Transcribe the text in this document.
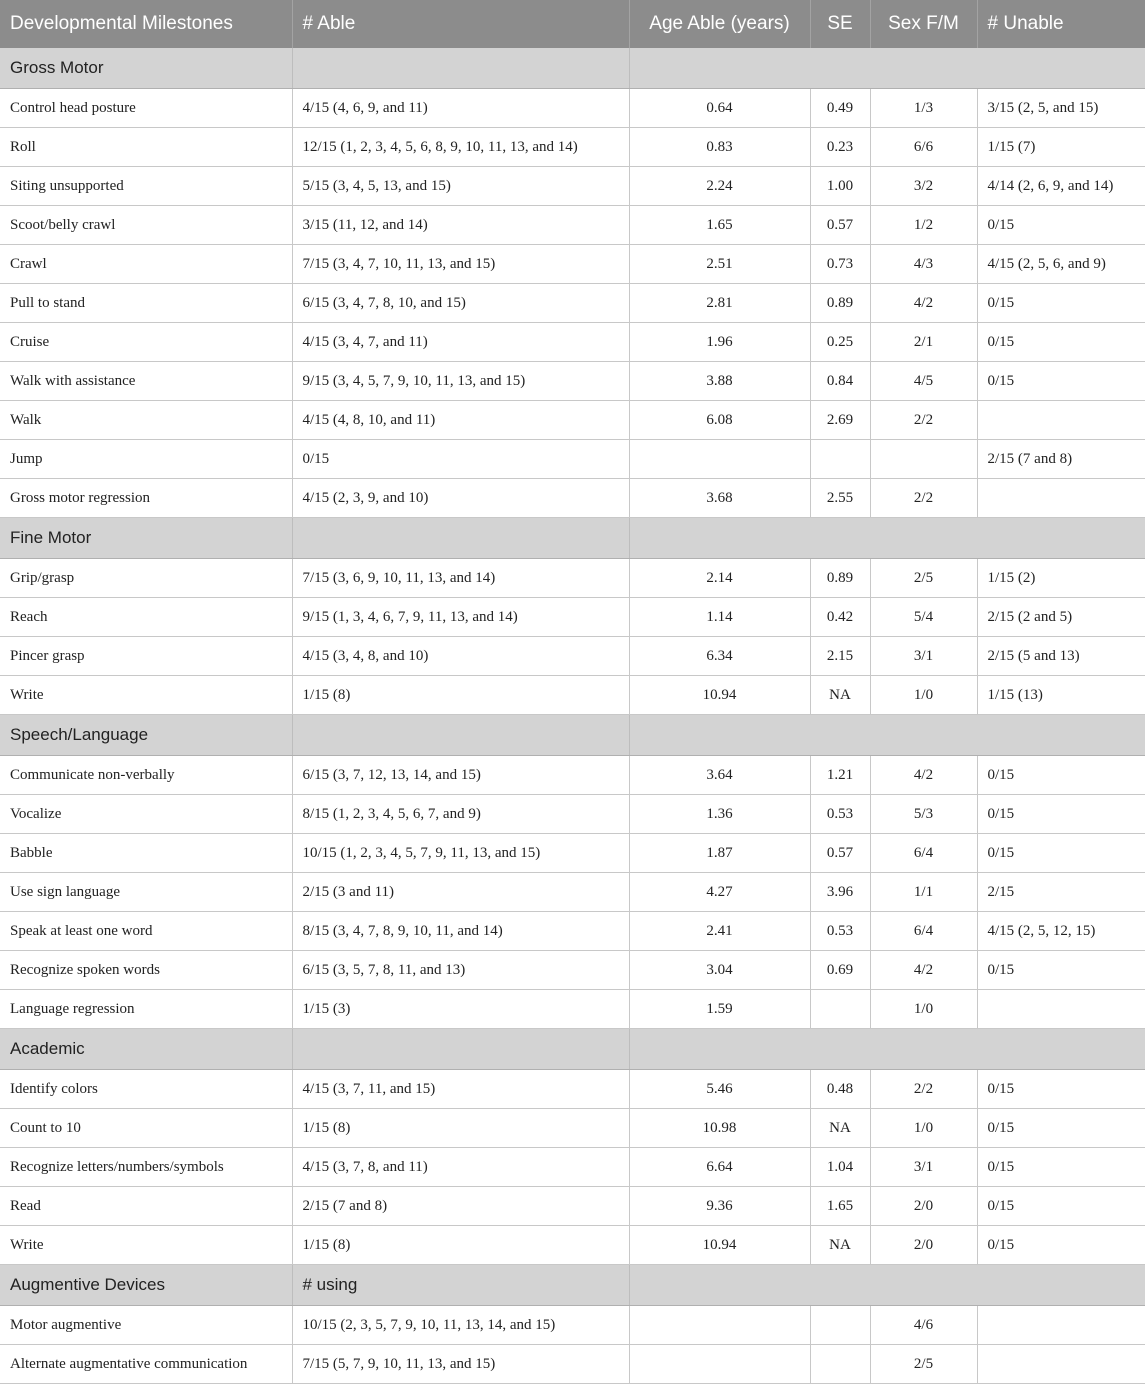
Developmental Milestones	# Able	Age Able (years)	SE	Sex F/M	# Unable
Gross Motor					
Control head posture	4/15 (4, 6, 9, and 11)	0.64	0.49	1/3	3/15 (2, 5, and 15)
Roll	12/15 (1, 2, 3, 4, 5, 6, 8, 9, 10, 11, 13, and 14)	0.83	0.23	6/6	1/15 (7)
Siting unsupported	5/15 (3, 4, 5, 13, and 15)	2.24	1.00	3/2	4/14 (2, 6, 9, and 14)
Scoot/belly crawl	3/15 (11, 12, and 14)	1.65	0.57	1/2	0/15
Crawl	7/15 (3, 4, 7, 10, 11, 13, and 15)	2.51	0.73	4/3	4/15 (2, 5, 6, and 9)
Pull to stand	6/15 (3, 4, 7, 8, 10, and 15)	2.81	0.89	4/2	0/15
Cruise	4/15 (3, 4, 7, and 11)	1.96	0.25	2/1	0/15
Walk with assistance	9/15 (3, 4, 5, 7, 9, 10, 11, 13, and 15)	3.88	0.84	4/5	0/15
Walk	4/15 (4, 8, 10, and 11)	6.08	2.69	2/2	
Jump	0/15				2/15 (7 and 8)
Gross motor regression	4/15 (2, 3, 9, and 10)	3.68	2.55	2/2	
Fine Motor					
Grip/grasp	7/15 (3, 6, 9, 10, 11, 13, and 14)	2.14	0.89	2/5	1/15 (2)
Reach	9/15 (1, 3, 4, 6, 7, 9, 11, 13, and 14)	1.14	0.42	5/4	2/15 (2 and 5)
Pincer grasp	4/15 (3, 4, 8, and 10)	6.34	2.15	3/1	2/15 (5 and 13)
Write	1/15 (8)	10.94	NA	1/0	1/15 (13)
Speech/Language					
Communicate non-verbally	6/15 (3, 7, 12, 13, 14, and 15)	3.64	1.21	4/2	0/15
Vocalize	8/15 (1, 2, 3, 4, 5, 6, 7, and 9)	1.36	0.53	5/3	0/15
Babble	10/15 (1, 2, 3, 4, 5, 7, 9, 11, 13, and 15)	1.87	0.57	6/4	0/15
Use sign language	2/15 (3 and 11)	4.27	3.96	1/1	2/15
Speak at least one word	8/15 (3, 4, 7, 8, 9, 10, 11, and 14)	2.41	0.53	6/4	4/15 (2, 5, 12, 15)
Recognize spoken words	6/15 (3, 5, 7, 8, 11, and 13)	3.04	0.69	4/2	0/15
Language regression	1/15 (3)	1.59		1/0	
Academic					
Identify colors	4/15 (3, 7, 11, and 15)	5.46	0.48	2/2	0/15
Count to 10	1/15 (8)	10.98	NA	1/0	0/15
Recognize letters/numbers/symbols	4/15 (3, 7, 8, and 11)	6.64	1.04	3/1	0/15
Read	2/15 (7 and 8)	9.36	1.65	2/0	0/15
Write	1/15 (8)	10.94	NA	2/0	0/15
Augmentive Devices	# using				
Motor augmentive	10/15 (2, 3, 5, 7, 9, 10, 11, 13, 14, and 15)			4/6	
Alternate augmentative communication	7/15 (5, 7, 9, 10, 11, 13, and 15)			2/5	
